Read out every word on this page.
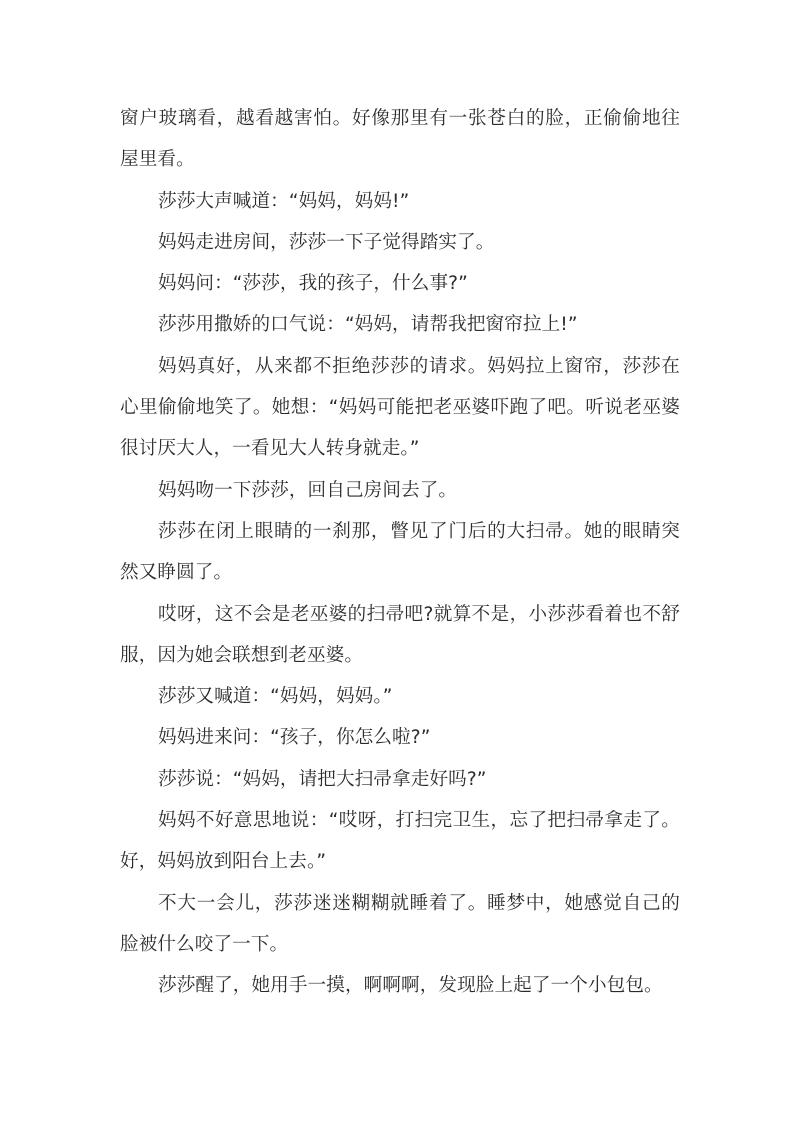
窗户玻璃看，越看越害怕。好像那里有一张苍白的脸，正偷偷地往屋里看。

莎莎大声喊道：“妈妈，妈妈!”

妈妈走进房间，莎莎一下子觉得踏实了。

妈妈问：“莎莎，我的孩子，什么事?”

莎莎用撒娇的口气说：“妈妈，请帮我把窗帘拉上!”

妈妈真好，从来都不拒绝莎莎的请求。妈妈拉上窗帘，莎莎在心里偷偷地笑了。她想：“妈妈可能把老巫婆吓跑了吧。听说老巫婆很讨厌大人，一看见大人转身就走。”

妈妈吻一下莎莎，回自己房间去了。

莎莎在闭上眼睛的一刹那，瞥见了门后的大扫帚。她的眼睛突然又睁圆了。

哎呀，这不会是老巫婆的扫帚吧?就算不是，小莎莎看着也不舒服，因为她会联想到老巫婆。

莎莎又喊道：“妈妈，妈妈。”

妈妈进来问：“孩子，你怎么啦?”

莎莎说：“妈妈，请把大扫帚拿走好吗?”

妈妈不好意思地说：“哎呀，打扫完卫生，忘了把扫帚拿走了。好，妈妈放到阳台上去。”

不大一会儿，莎莎迷迷糊糊就睡着了。睡梦中，她感觉自己的脸被什么咬了一下。

莎莎醒了，她用手一摸，啊啊啊，发现脸上起了一个小包包。
